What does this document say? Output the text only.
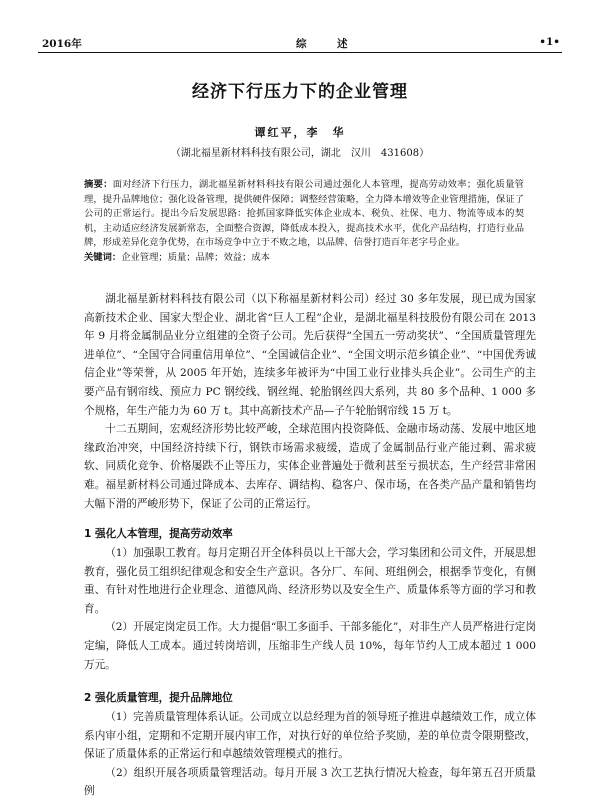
2016年	综　述	•1•
经济下行压力下的企业管理
谭红平，李　华
（湖北福星新材料科技有限公司，湖北　汉川　431608）
摘要：面对经济下行压力，湖北福星新材料科技有限公司通过强化人本管理，提高劳动效率；强化质量管理，提升品牌地位；强化设备管理，提供硬件保障；调整经营策略，全力降本增效等企业管理措施，保证了公司的正常运行。提出今后发展思路：抢抓国家降低实体企业成本、税负、社保、电力、物流等成本的契机，主动适应经济发展新常态，全面整合资源，降低成本投入，提高技术水平，优化产品结构，打造行业品牌，形成差异化竞争优势，在市场竞争中立于不败之地，以品牌、信誉打造百年老字号企业。
关键词：企业管理；质量；品牌；效益；成本

湖北福星新材料科技有限公司（以下称福星新材料公司）经过 30 多年发展，现已成为国家高新技术企业、国家大型企业、湖北省“巨人工程”企业，是湖北福星科技股份有限公司在 2013 年 9 月将金属制品业分立组建的全资子公司。先后获得“全国五一劳动奖状”、“全国质量管理先进单位”、“全国守合同重信用单位”、“全国诚信企业”、“全国文明示范乡镇企业”、“中国优秀诚信企业”等荣誉，从 2005 年开始，连续多年被评为“中国工业行业排头兵企业”。公司生产的主要产品有钢帘线、预应力 PC 钢绞线、钢丝绳、轮胎钢丝四大系列，共 80 多个品种、1 000 多个规格，年生产能力为 60 万 t。其中高新技术产品—子午轮胎钢帘线 15 万 t。

十二五期间，宏观经济形势比较严峻，全球范围内投资降低、金融市场动荡、发展中地区地缘政治冲突，中国经济持续下行，钢铁市场需求疲缓，造成了金属制品行业产能过剩、需求疲软、同质化竞争、价格屡跌不止等压力，实体企业普遍处于微利甚至亏损状态，生产经营非常困难。福星新材料公司通过降成本、去库存、调结构、稳客户、保市场，在各类产品产量和销售均大幅下滑的严峻形势下，保证了公司的正常运行。

1 强化人本管理，提高劳动效率

（1）加强职工教育。每月定期召开全体科员以上干部大会，学习集团和公司文件，开展思想教育，强化员工组织纪律观念和安全生产意识。各分厂、车间、班组例会，根据季节变化，有侧重、有针对性地进行企业理念、道德风尚、经济形势以及安全生产、质量体系等方面的学习和教育。

（2）开展定岗定员工作。大力提倡“职工多面手、干部多能化”，对非生产人员严格进行定岗定编，降低人工成本。通过转岗培训，压缩非生产线人员 10%，每年节约人工成本超过 1 000 万元。

2 强化质量管理，提升品牌地位

（1）完善质量管理体系认证。公司成立以总经理为首的领导班子推进卓越绩效工作，成立体系内审小组，定期和不定期开展内审工作，对执行好的单位给予奖励，差的单位责令限期整改，保证了质量体系的正常运行和卓越绩效管理模式的推行。

（2）组织开展各项质量管理活动。每月开展 3 次工艺执行情况大检查，每年第五召开质量例
